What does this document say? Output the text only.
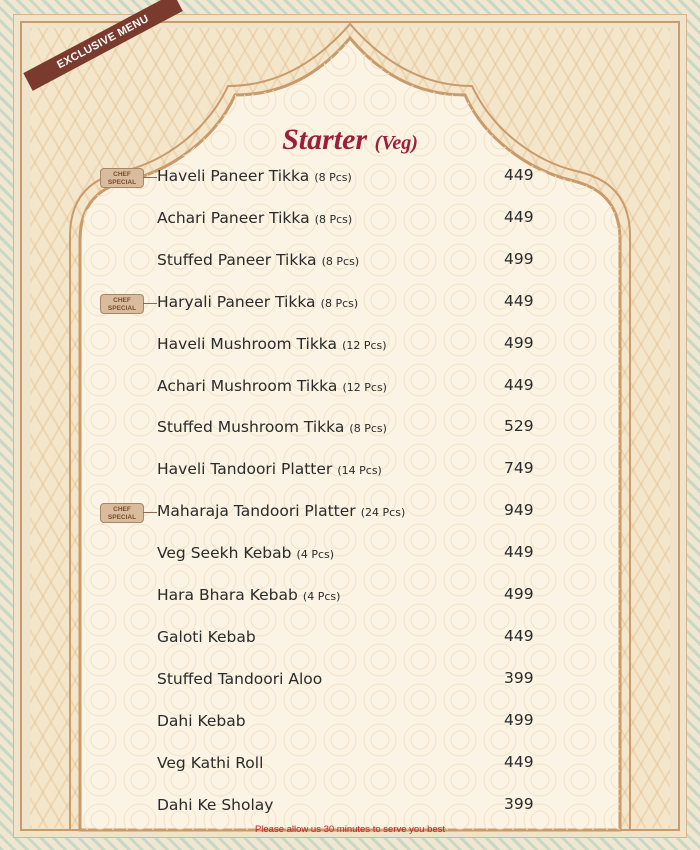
EXCLUSIVE MENU
Starter (Veg)
Haveli Paneer Tikka (8 Pcs)	449
CHEF SPECIAL
Achari Paneer Tikka (8 Pcs)	449
Stuffed Paneer Tikka (8 Pcs)	499
Haryali Paneer Tikka (8 Pcs)	449
CHEF SPECIAL
Haveli Mushroom Tikka (12 Pcs)	499
Achari Mushroom Tikka (12 Pcs)	449
Stuffed Mushroom Tikka (8 Pcs)	529
Haveli Tandoori Platter (14 Pcs)	749
Maharaja Tandoori Platter (24 Pcs)	949
CHEF SPECIAL
Veg Seekh Kebab (4 Pcs)	449
Hara Bhara Kebab (4 Pcs)	499
Galoti Kebab	449
Stuffed Tandoori Aloo	399
Dahi Kebab	499
Veg Kathi Roll	449
Dahi Ke Sholay	399
Please allow us 30 minutes to serve you best
